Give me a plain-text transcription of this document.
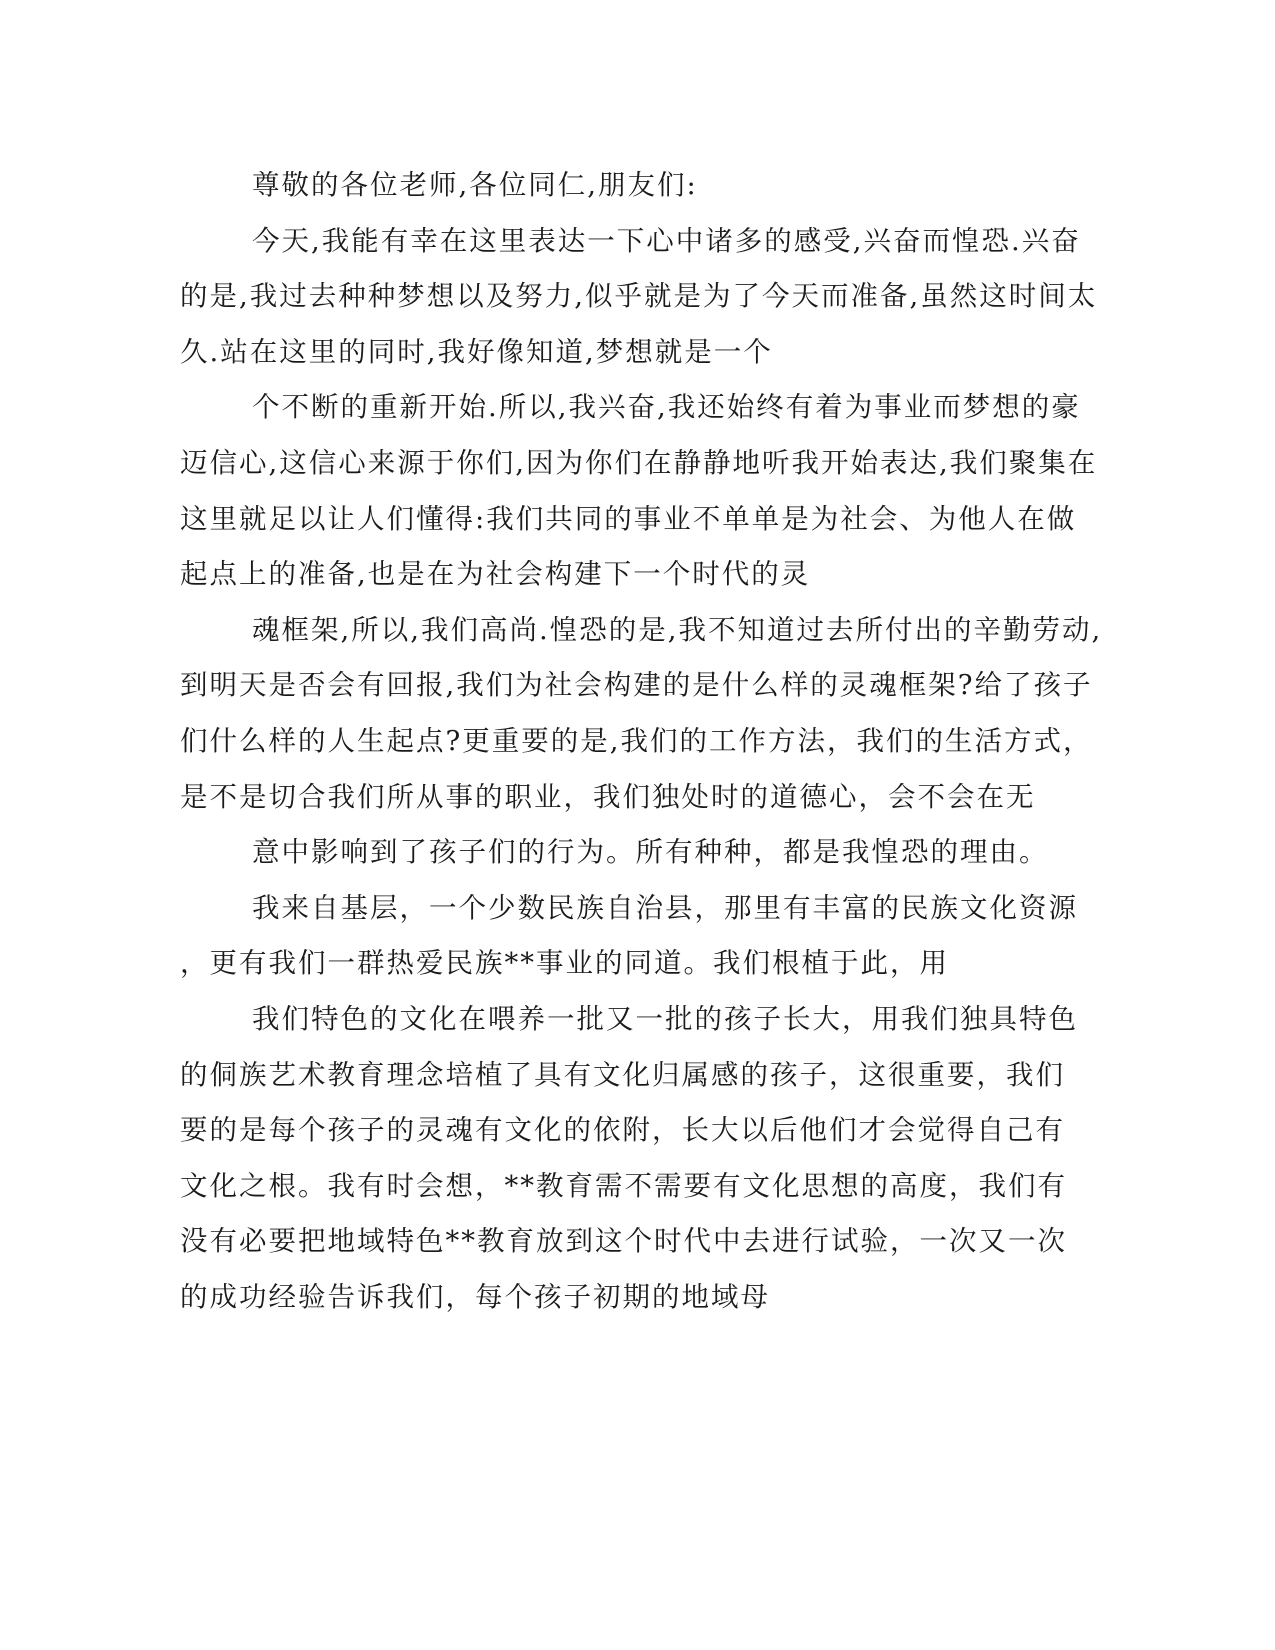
尊敬的各位老师,各位同仁,朋友们:
今天,我能有幸在这里表达一下心中诸多的感受,兴奋而惶恐.兴奋
的是,我过去种种梦想以及努力,似乎就是为了今天而准备,虽然这时间太
久.站在这里的同时,我好像知道,梦想就是一个
个不断的重新开始.所以,我兴奋,我还始终有着为事业而梦想的豪
迈信心,这信心来源于你们,因为你们在静静地听我开始表达,我们聚集在
这里就足以让人们懂得:我们共同的事业不单单是为社会、为他人在做
起点上的准备,也是在为社会构建下一个时代的灵
魂框架,所以,我们高尚.惶恐的是,我不知道过去所付出的辛勤劳动,
到明天是否会有回报,我们为社会构建的是什么样的灵魂框架?给了孩子
们什么样的人生起点?更重要的是,我们的工作方法，我们的生活方式，
是不是切合我们所从事的职业，我们独处时的道德心，会不会在无
意中影响到了孩子们的行为。所有种种，都是我惶恐的理由。
我来自基层，一个少数民族自治县，那里有丰富的民族文化资源
，更有我们一群热爱民族**事业的同道。我们根植于此，用
我们特色的文化在喂养一批又一批的孩子长大，用我们独具特色
的侗族艺术教育理念培植了具有文化归属感的孩子，这很重要，我们
要的是每个孩子的灵魂有文化的依附，长大以后他们才会觉得自己有
文化之根。我有时会想，**教育需不需要有文化思想的高度，我们有
没有必要把地域特色**教育放到这个时代中去进行试验，一次又一次
的成功经验告诉我们，每个孩子初期的地域母
